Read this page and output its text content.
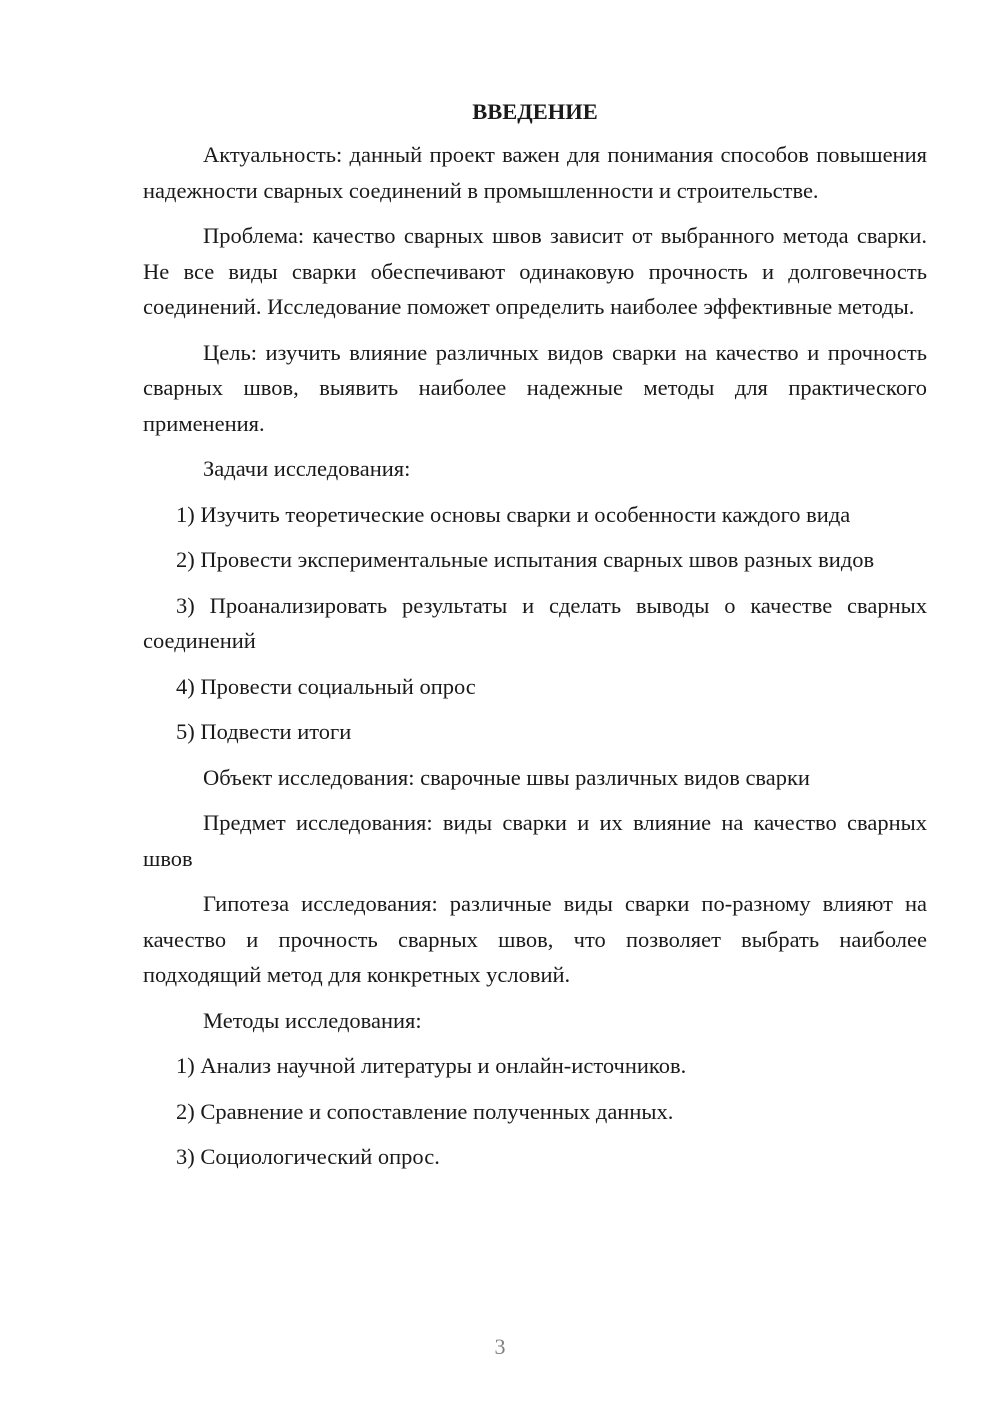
ВВЕДЕНИЕ

Актуальность: данный проект важен для понимания способов повышения надежности сварных соединений в промышленности и строительстве.

Проблема: качество сварных швов зависит от выбранного метода сварки. Не все виды сварки обеспечивают одинаковую прочность и долговечность соединений. Исследование поможет определить наиболее эффективные методы.

Цель: изучить влияние различных видов сварки на качество и прочность сварных швов, выявить наиболее надежные методы для практического применения.

Задачи исследования:

1) Изучить теоретические основы сварки и особенности каждого вида

2) Провести экспериментальные испытания сварных швов разных видов

3) Проанализировать результаты и сделать выводы о качестве сварных соединений

4) Провести социальный опрос

5) Подвести итоги

Объект исследования: сварочные швы различных видов сварки

Предмет исследования: виды сварки и их влияние на качество сварных швов

Гипотеза исследования: различные виды сварки по-разному влияют на качество и прочность сварных швов, что позволяет выбрать наиболее подходящий метод для конкретных условий.

Методы исследования:

1) Анализ научной литературы и онлайн-источников.

2) Сравнение и сопоставление полученных данных.

3) Социологический опрос.

3
